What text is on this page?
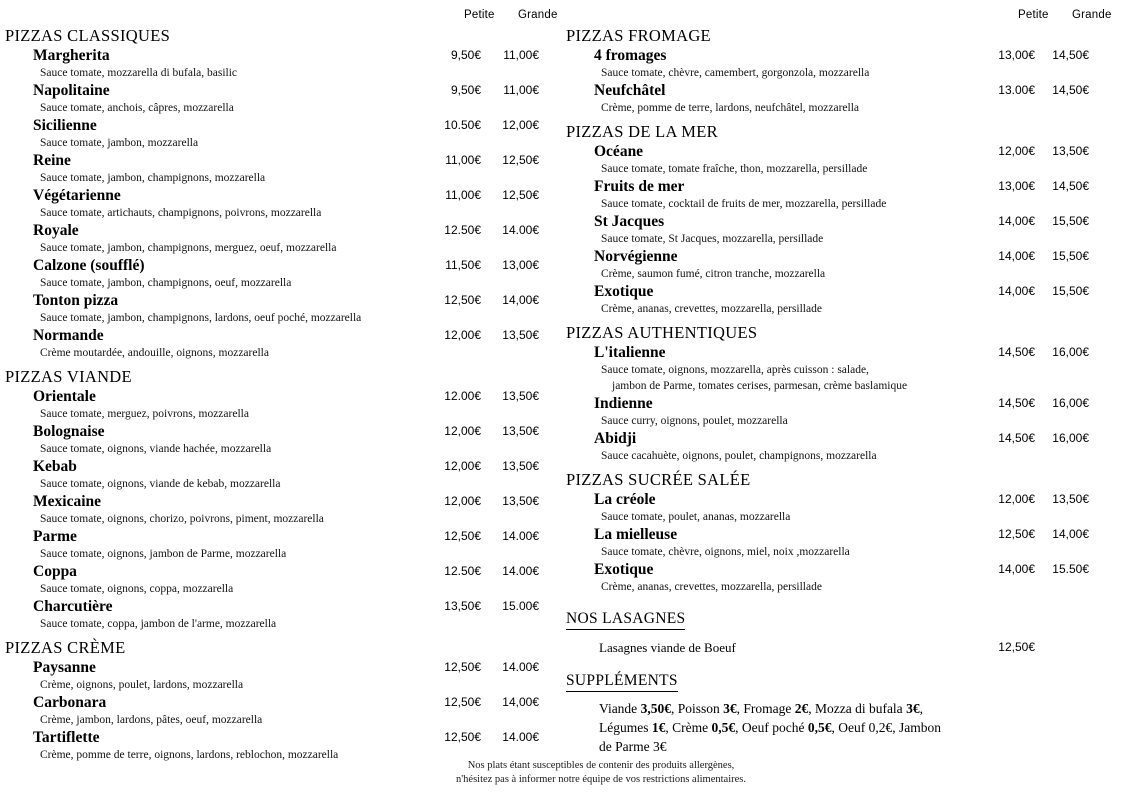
Petite Grande
PIZZAS CLASSIQUES
Margherita	9,50€	11,00€
Sauce tomate, mozzarella di bufala, basilic
Napolitaine	9,50€	11,00€
Sauce tomate, anchois, câpres, mozzarella
Sicilienne	10.50€	12,00€
Sauce tomate, jambon, mozzarella
Reine	11,00€	12,50€
Sauce tomate, jambon, champignons, mozzarella
Végétarienne	11,00€	12,50€
Sauce tomate, artichauts, champignons, poivrons, mozzarella
Royale	12.50€	14.00€
Sauce tomate, jambon, champignons, merguez, oeuf, mozzarella
Calzone (soufflé)	11,50€	13,00€
Sauce tomate, jambon, champignons, oeuf, mozzarella
Tonton pizza	12,50€	14,00€
Sauce tomate, jambon, champignons, lardons, oeuf poché, mozzarella
Normande	12,00€	13,50€
Crème moutardée, andouille, oignons, mozzarella
PIZZAS VIANDE
Orientale	12.00€	13,50€
Sauce tomate, merguez, poivrons, mozzarella
Bolognaise	12,00€	13,50€
Sauce tomate, oignons, viande hachée, mozzarella
Kebab	12,00€	13,50€
Sauce tomate, oignons, viande de kebab, mozzarella
Mexicaine	12,00€	13,50€
Sauce tomate, oignons, chorizo, poivrons, piment, mozzarella
Parme	12,50€	14.00€
Sauce tomate, oignons, jambon de Parme, mozzarella
Coppa	12.50€	14.00€
Sauce tomate, oignons, coppa, mozzarella
Charcutière	13,50€	15.00€
Sauce tomate, coppa, jambon de l'arme, mozzarella
PIZZAS CRÈME
Paysanne	12,50€	14.00€
Crème, oignons, poulet, lardons, mozzarella
Carbonara	12,50€	14,00€
Crème, jambon, lardons, pâtes, oeuf, mozzarella
Tartiflette	12,50€	14.00€
Crème, pomme de terre, oignons, lardons, reblochon, mozzarella
Petite Grande
PIZZAS FROMAGE
4 fromages	13,00€	14,50€
Sauce tomate, chèvre, camembert, gorgonzola, mozzarella
Neufchâtel	13.00€	14,50€
Crème, pomme de terre, lardons, neufchâtel, mozzarella
PIZZAS DE LA MER
Océane	12,00€	13,50€
Sauce tomate, tomate fraîche, thon, mozzarella, persillade
Fruits de mer	13,00€	14,50€
Sauce tomate, cocktail de fruits de mer, mozzarella, persillade
St Jacques	14,00€	15,50€
Sauce tomate, St Jacques, mozzarella, persillade
Norvégienne	14,00€	15,50€
Crème, saumon fumé, citron tranche, mozzarella
Exotique	14,00€	15,50€
Crème, ananas, crevettes, mozzarella, persillade
PIZZAS AUTHENTIQUES
L'italienne	14,50€	16,00€
Sauce tomate, oignons, mozzarella, après cuisson : salade,
jambon de Parme, tomates cerises, parmesan, crème baslamique
Indienne	14,50€	16,00€
Sauce curry, oignons, poulet, mozzarella
Abidji	14,50€	16,00€
Sauce cacahuète, oignons, poulet, champignons, mozzarella
PIZZAS SUCRÉE SALÉE
La créole	12,00€	13,50€
Sauce tomate, poulet, ananas, mozzarella
La mielleuse	12,50€	14,00€
Sauce tomate, chèvre, oignons, miel, noix ,mozzarella
Exotique	14,00€	15.50€
Crème, ananas, crevettes, mozzarella, persillade
NOS LASAGNES
Lasagnes viande de Boeuf	12,50€
SUPPLÉMENTS
Viande 3,50€, Poisson 3€, Fromage 2€, Mozza di bufala 3€,
Légumes 1€, Crème 0,5€, Oeuf poché 0,5€, Oeuf 0,2€, Jambon
de Parme 3€
Nos plats étant susceptibles de contenir des produits allergènes,
n'hésitez pas à informer notre équipe de vos restrictions alimentaires.
